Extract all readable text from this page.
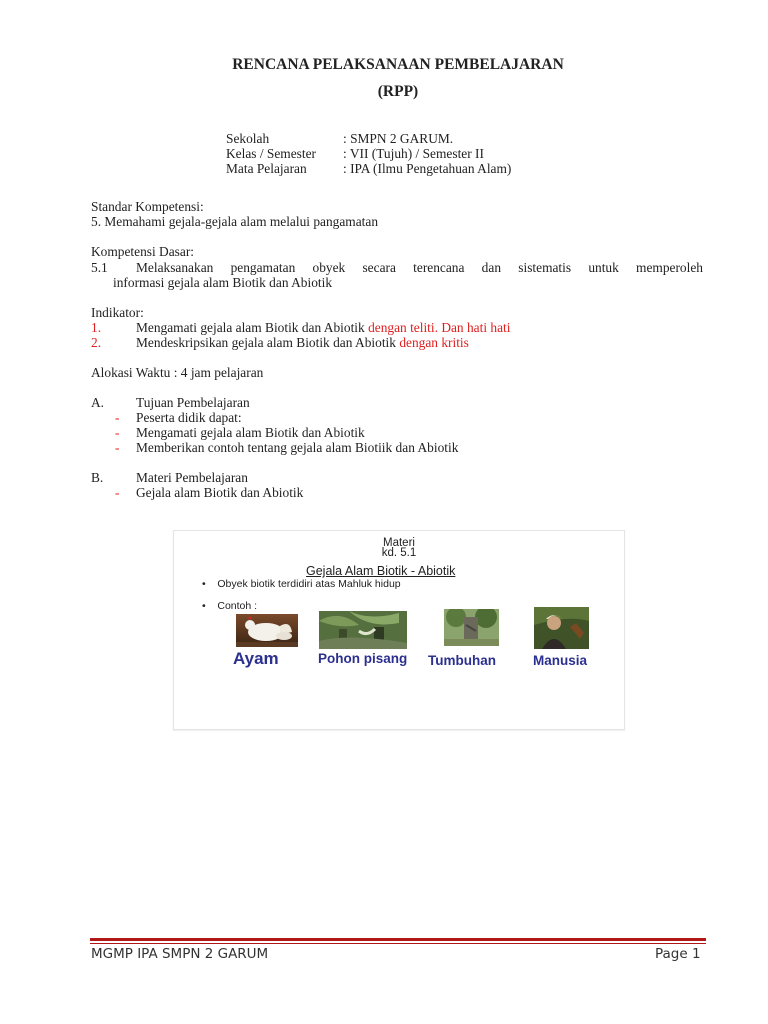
RENCANA PELAKSANAAN PEMBELAJARAN
(RPP)
Sekolah	: SMPN 2 GARUM.
Kelas / Semester : VII (Tujuh) / Semester II
Mata Pelajaran	: IPA (Ilmu Pengetahuan Alam)
Standar Kompetensi:
5. Memahami gejala-gejala alam melalui pangamatan
Kompetensi Dasar:
5.1 Melaksanakan pengamatan obyek secara terencana dan sistematis untuk memperoleh
informasi gejala alam Biotik dan Abiotik
Indikator:
1.	Mengamati gejala alam Biotik dan Abiotik dengan teliti. Dan hati hati
2.	Mendeskripsikan gejala alam Biotik dan Abiotik dengan kritis
Alokasi Waktu : 4 jam pelajaran
A. Tujuan Pembelajaran
- Peserta didik dapat:
- Mengamati gejala alam Biotik dan Abiotik
- Memberikan contoh tentang gejala alam Biotiik dan Abiotik
B. Materi Pembelajaran
- Gejala alam Biotik dan Abiotik
Materi
kd. 5.1
Gejala Alam Biotik - Abiotik
•    Obyek biotik terdidiri atas Mahluk hidup
•    Contoh :
Ayam	Pohon pisang Tumbuhan	Manusia
MGMP IPA SMPN 2 GARUM	Page 1
